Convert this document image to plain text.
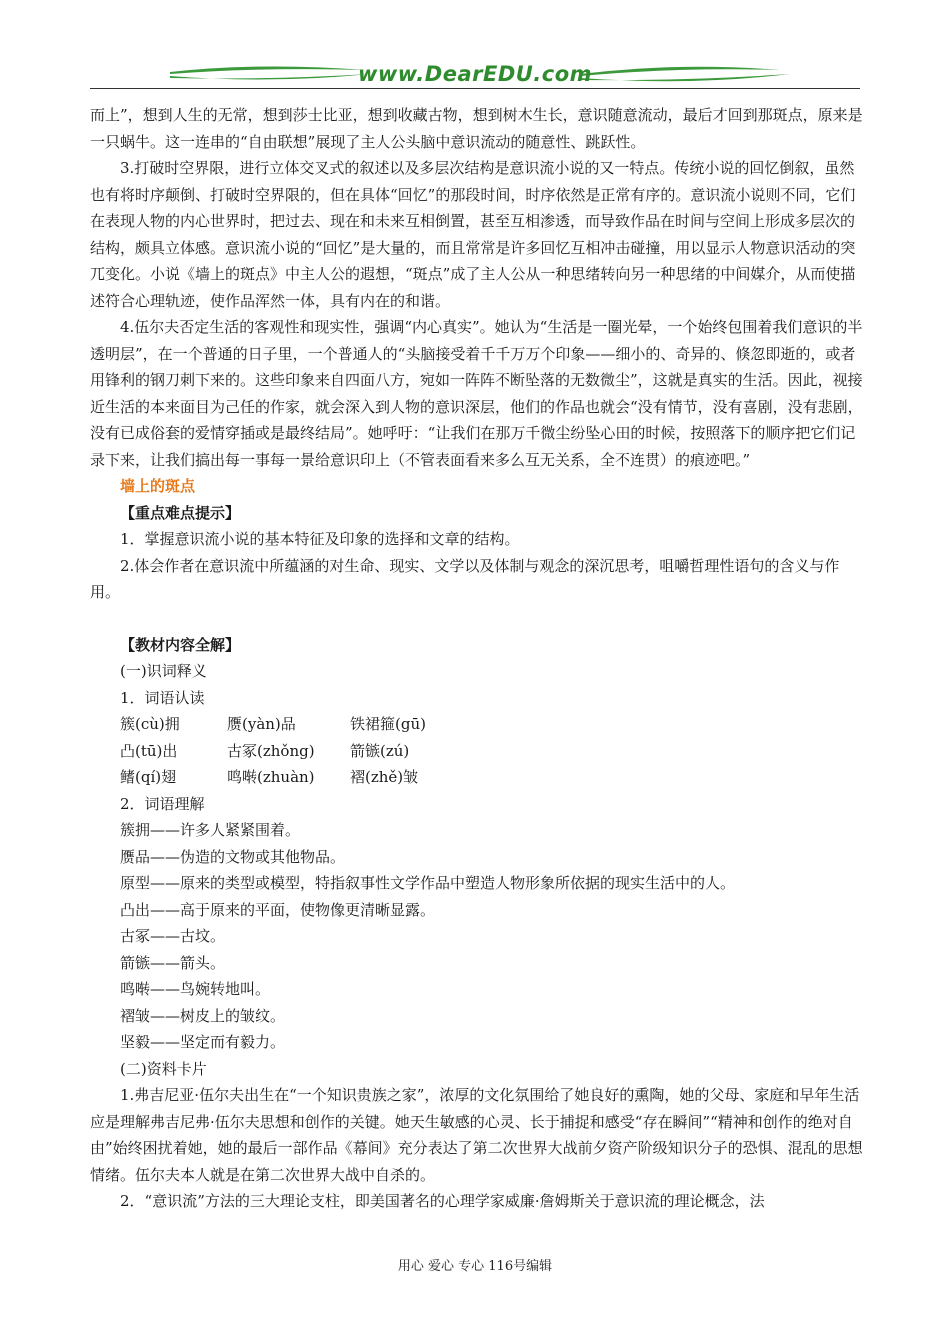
www.DearEDU.com

而上”，想到人生的无常，想到莎士比亚，想到收藏古物，想到树木生长，意识随意流动，最后才回到那斑点，原来是一只蜗牛。这一连串的“自由联想”展现了主人公头脑中意识流动的随意性、跳跃性。

3.打破时空界限，进行立体交叉式的叙述以及多层次结构是意识流小说的又一特点。传统小说的回忆倒叙，虽然也有将时序颠倒、打破时空界限的，但在具体“回忆”的那段时间，时序依然是正常有序的。意识流小说则不同，它们在表现人物的内心世界时，把过去、现在和未来互相倒置，甚至互相渗透，而导致作品在时间与空间上形成多层次的结构，颇具立体感。意识流小说的“回忆”是大量的，而且常常是许多回忆互相冲击碰撞，用以显示人物意识活动的突兀变化。小说《墙上的斑点》中主人公的遐想，“斑点”成了主人公从一种思绪转向另一种思绪的中间媒介，从而使描述符合心理轨迹，使作品浑然一体，具有内在的和谐。

4.伍尔夫否定生活的客观性和现实性，强调“内心真实”。她认为“生活是一圈光晕，一个始终包围着我们意识的半透明层”，在一个普通的日子里，一个普通人的“头脑接受着千千万万个印象——细小的、奇异的、倏忽即逝的，或者用锋利的钢刀刺下来的。这些印象来自四面八方，宛如一阵阵不断坠落的无数微尘”，这就是真实的生活。因此，视接近生活的本来面目为己任的作家，就会深入到人物的意识深层，他们的作品也就会“没有情节，没有喜剧，没有悲剧，没有已成俗套的爱情穿插或是最终结局”。她呼吁：“让我们在那万千微尘纷坠心田的时候，按照落下的顺序把它们记录下来，让我们搞出每一事每一景给意识印上（不管表面看来多么互无关系，全不连贯）的痕迹吧。”

墙上的斑点

【重点难点提示】

1．掌握意识流小说的基本特征及印象的选择和文章的结构。

2.体会作者在意识流中所蕴涵的对生命、现实、文学以及体制与观念的深沉思考，咀嚼哲理性语句的含义与作用。

【教材内容全解】

(一)识词释义

1．词语认读

簇(cù)拥	赝(yàn)品	铁裙箍(gū)
凸(tū)出	古冢(zhǒng)	箭镞(zú)
鳍(qí)翅	鸣啭(zhuàn)	褶(zhě)皱

2．词语理解

簇拥——许多人紧紧围着。

赝品——伪造的文物或其他物品。

原型——原来的类型或模型，特指叙事性文学作品中塑造人物形象所依据的现实生活中的人。

凸出——高于原来的平面，使物像更清晰显露。

古冢——古坟。

箭镞——箭头。

鸣啭——鸟婉转地叫。

褶皱——树皮上的皱纹。

坚毅——坚定而有毅力。

(二)资料卡片

1.弗吉尼亚·伍尔夫出生在“一个知识贵族之家”，浓厚的文化氛围给了她良好的熏陶，她的父母、家庭和早年生活应是理解弗吉尼弗·伍尔夫思想和创作的关键。她天生敏感的心灵、长于捕捉和感受“存在瞬间”“精神和创作的绝对自由”始终困扰着她，她的最后一部作品《幕间》充分表达了第二次世界大战前夕资产阶级知识分子的恐惧、混乱的思想情绪。伍尔夫本人就是在第二次世界大战中自杀的。

2．“意识流”方法的三大理论支柱，即美国著名的心理学家威廉·詹姆斯关于意识流的理论概念，法

用心 爱心 专心 116号编辑
